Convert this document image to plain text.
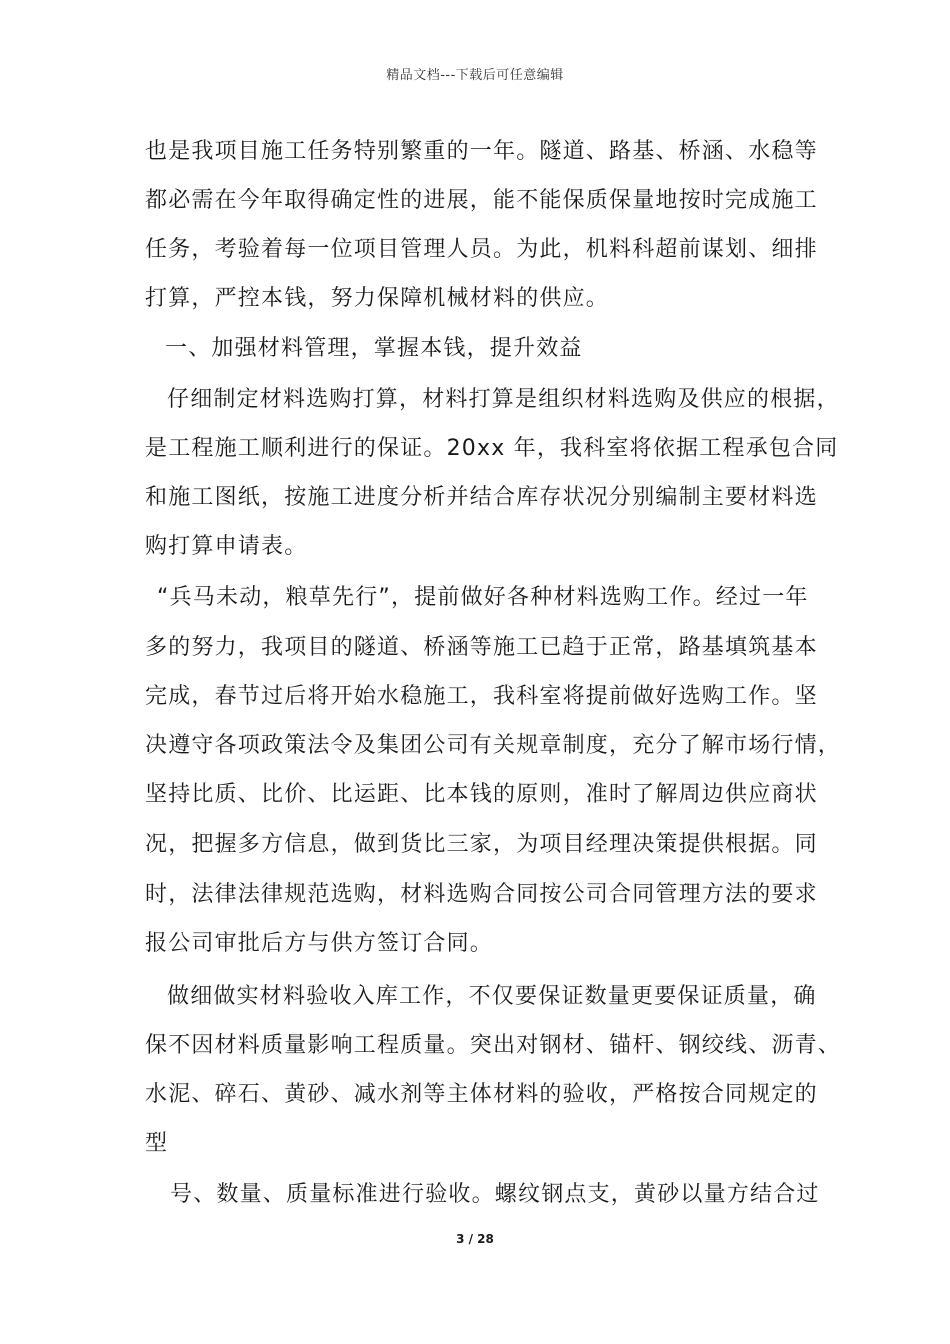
精品文档---下载后可任意编辑
也是我项目施工任务特别繁重的一年。隧道、路基、桥涵、水稳等
都必需在今年取得确定性的进展，能不能保质保量地按时完成施工
任务，考验着每一位项目管理人员。为此，机料科超前谋划、细排
打算，严控本钱，努力保障机械材料的供应。
一、加强材料管理，掌握本钱，提升效益
仔细制定材料选购打算，材料打算是组织材料选购及供应的根据，
是工程施工顺利进行的保证。20xx 年，我科室将依据工程承包合同
和施工图纸，按施工进度分析并结合库存状况分别编制主要材料选
购打算申请表。
“兵马未动，粮草先行”，提前做好各种材料选购工作。经过一年
多的努力，我项目的隧道、桥涵等施工已趋于正常，路基填筑基本
完成，春节过后将开始水稳施工，我科室将提前做好选购工作。坚
决遵守各项政策法令及集团公司有关规章制度，充分了解市场行情，
坚持比质、比价、比运距、比本钱的原则，准时了解周边供应商状
况，把握多方信息，做到货比三家，为项目经理决策提供根据。同
时，法律法律规范选购，材料选购合同按公司合同管理方法的要求
报公司审批后方与供方签订合同。
做细做实材料验收入库工作，不仅要保证数量更要保证质量，确
保不因材料质量影响工程质量。突出对钢材、锚杆、钢绞线、沥青、
水泥、碎石、黄砂、减水剂等主体材料的验收，严格按合同规定的
型
号、数量、质量标准进行验收。螺纹钢点支，黄砂以量方结合过
3 / 28
